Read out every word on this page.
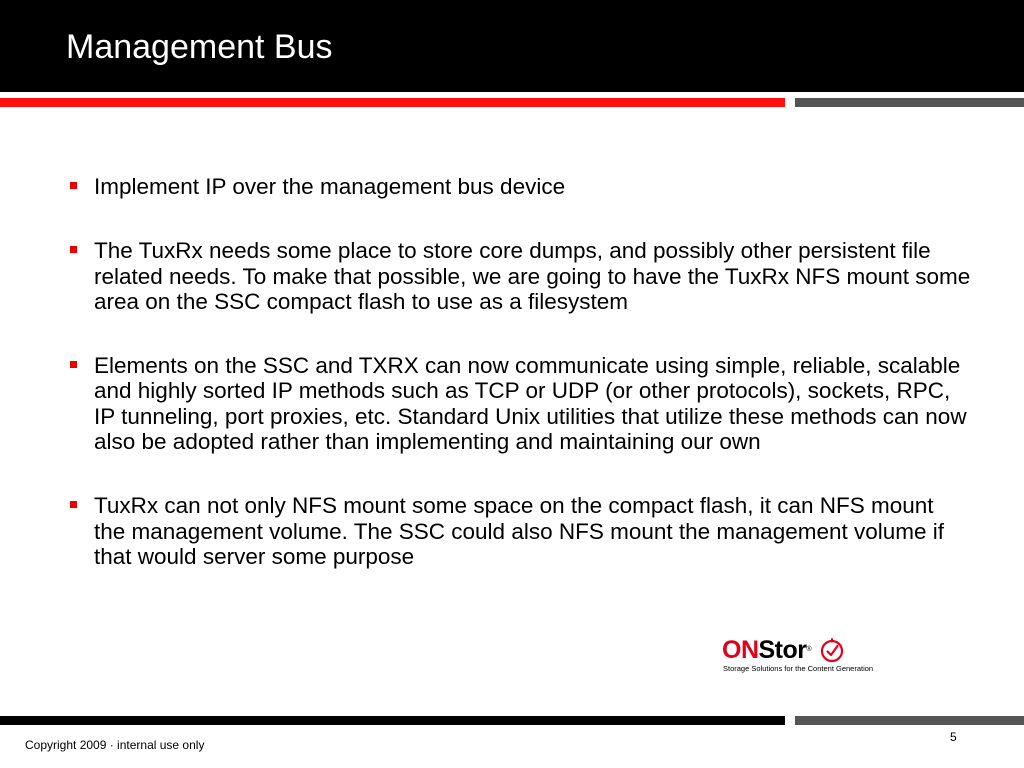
Management Bus
Implement IP over the management bus device
The TuxRx needs some place to store core dumps, and possibly other persistent file related needs. To make that possible, we are going to have the TuxRx NFS mount some area on the SSC compact flash to use as a filesystem
Elements on the SSC and TXRX can now communicate using simple, reliable, scalable and highly sorted IP methods such as TCP or UDP (or other protocols), sockets, RPC, IP tunneling, port proxies, etc. Standard Unix utilities that utilize these methods can now also be adopted rather than implementing and maintaining our own
TuxRx can not only NFS mount some space on the compact flash, it can NFS mount the management volume. The SSC could also NFS mount the management volume if that would server some purpose
ONStor®
Storage Solutions for the Content Generation
Copyright 2009 · internal use only
5
